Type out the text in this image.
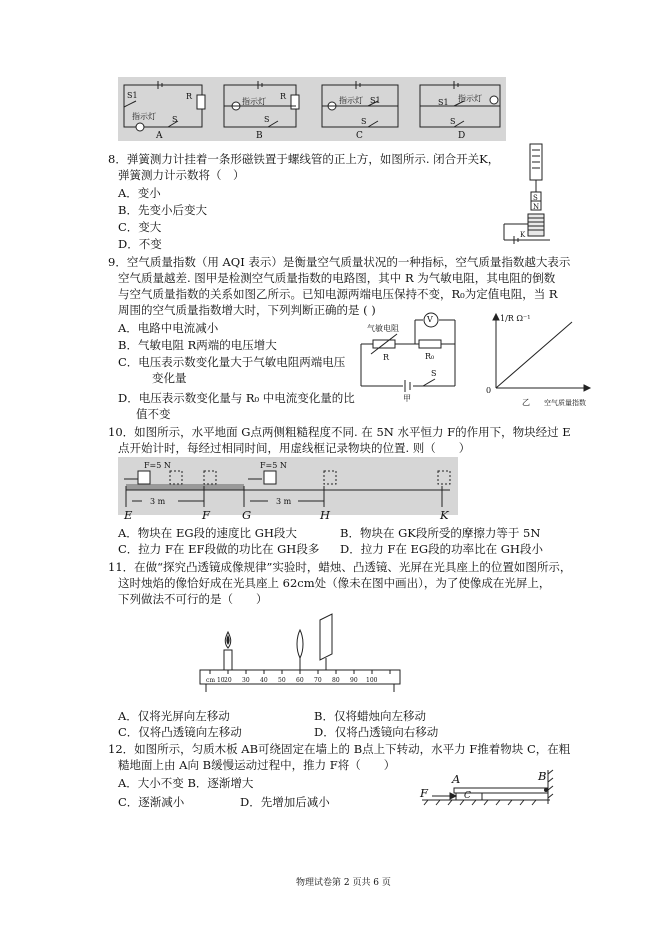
S1	R
指示灯 S
指示灯
R
S
指示灯 S1
S
指示灯
S1
S
A	B	C	D
8．弹簧测力计挂着一条形磁铁置于螺线管的正上方，如图所示. 闭合开关K，
弹簧测力计示数将（　）
A．变小
B．先变小后变大
C．变大
D．不变
S
N
K
9．空气质量指数（用 AQI 表示）是衡量空气质量状况的一种指标，空气质量指数越大表示
空气质量越差. 图甲是检测空气质量指数的电路图，其中 R 为气敏电阻，其电阻的倒数
与空气质量指数的关系如图乙所示。已知电源两端电压保持不变，R₀为定值电阻，当 R
周围的空气质量指数增大时，下列判断正确的是 ( )
A．电路中电流减小
B．气敏电阻 R两端的电压增大
C．电压表示数变化量大于气敏电阻两端电压
变化量
D．电压表示数变化量与 R₀ 中电流变化量的比
值不变
气敏电阻
V
R	R₀
S
甲
1/R Ω⁻¹
0
乙 空气质量指数
10．如图所示，水平地面 G点两侧粗糙程度不同. 在 5N 水平恒力 F的作用下，物块经过 E
点开始计时，每经过相同时间，用虚线框记录物块的位置. 则（　　）
F=5 N	F=5 N
3 m	3 m
E	F	G	H	K
A．物块在 EG段的速度比 GH段大	B．物块在 GK段所受的摩擦力等于 5N
C．拉力 F在 EF段做的功比在 GH段多 D．拉力 F在 EG段的功率比在 GH段小
11．在做“探究凸透镜成像规律”实验时，蜡烛、凸透镜、光屏在光具座上的位置如图所示，
这时烛焰的像恰好成在光具座上 62cm处（像未在图中画出），为了使像成在光屏上，
下列做法不可行的是（　　）
cm 10 20 30 40 50 60 70 80 90 100
A．仅将光屏向左移动	B．仅将蜡烛向左移动
C．仅将凸透镜向左移动	D．仅将凸透镜向右移动
12．如图所示，匀质木板 AB可绕固定在墙上的 B点上下转动，水平力 F推着物块 C，在粗
糙地面上由 A向 B缓慢运动过程中，推力 F将（　　）
A．大小不变 B．逐渐增大
C．逐渐减小	D．先增加后减小
A	B
C
F
物理试卷第 2 页共 6 页
